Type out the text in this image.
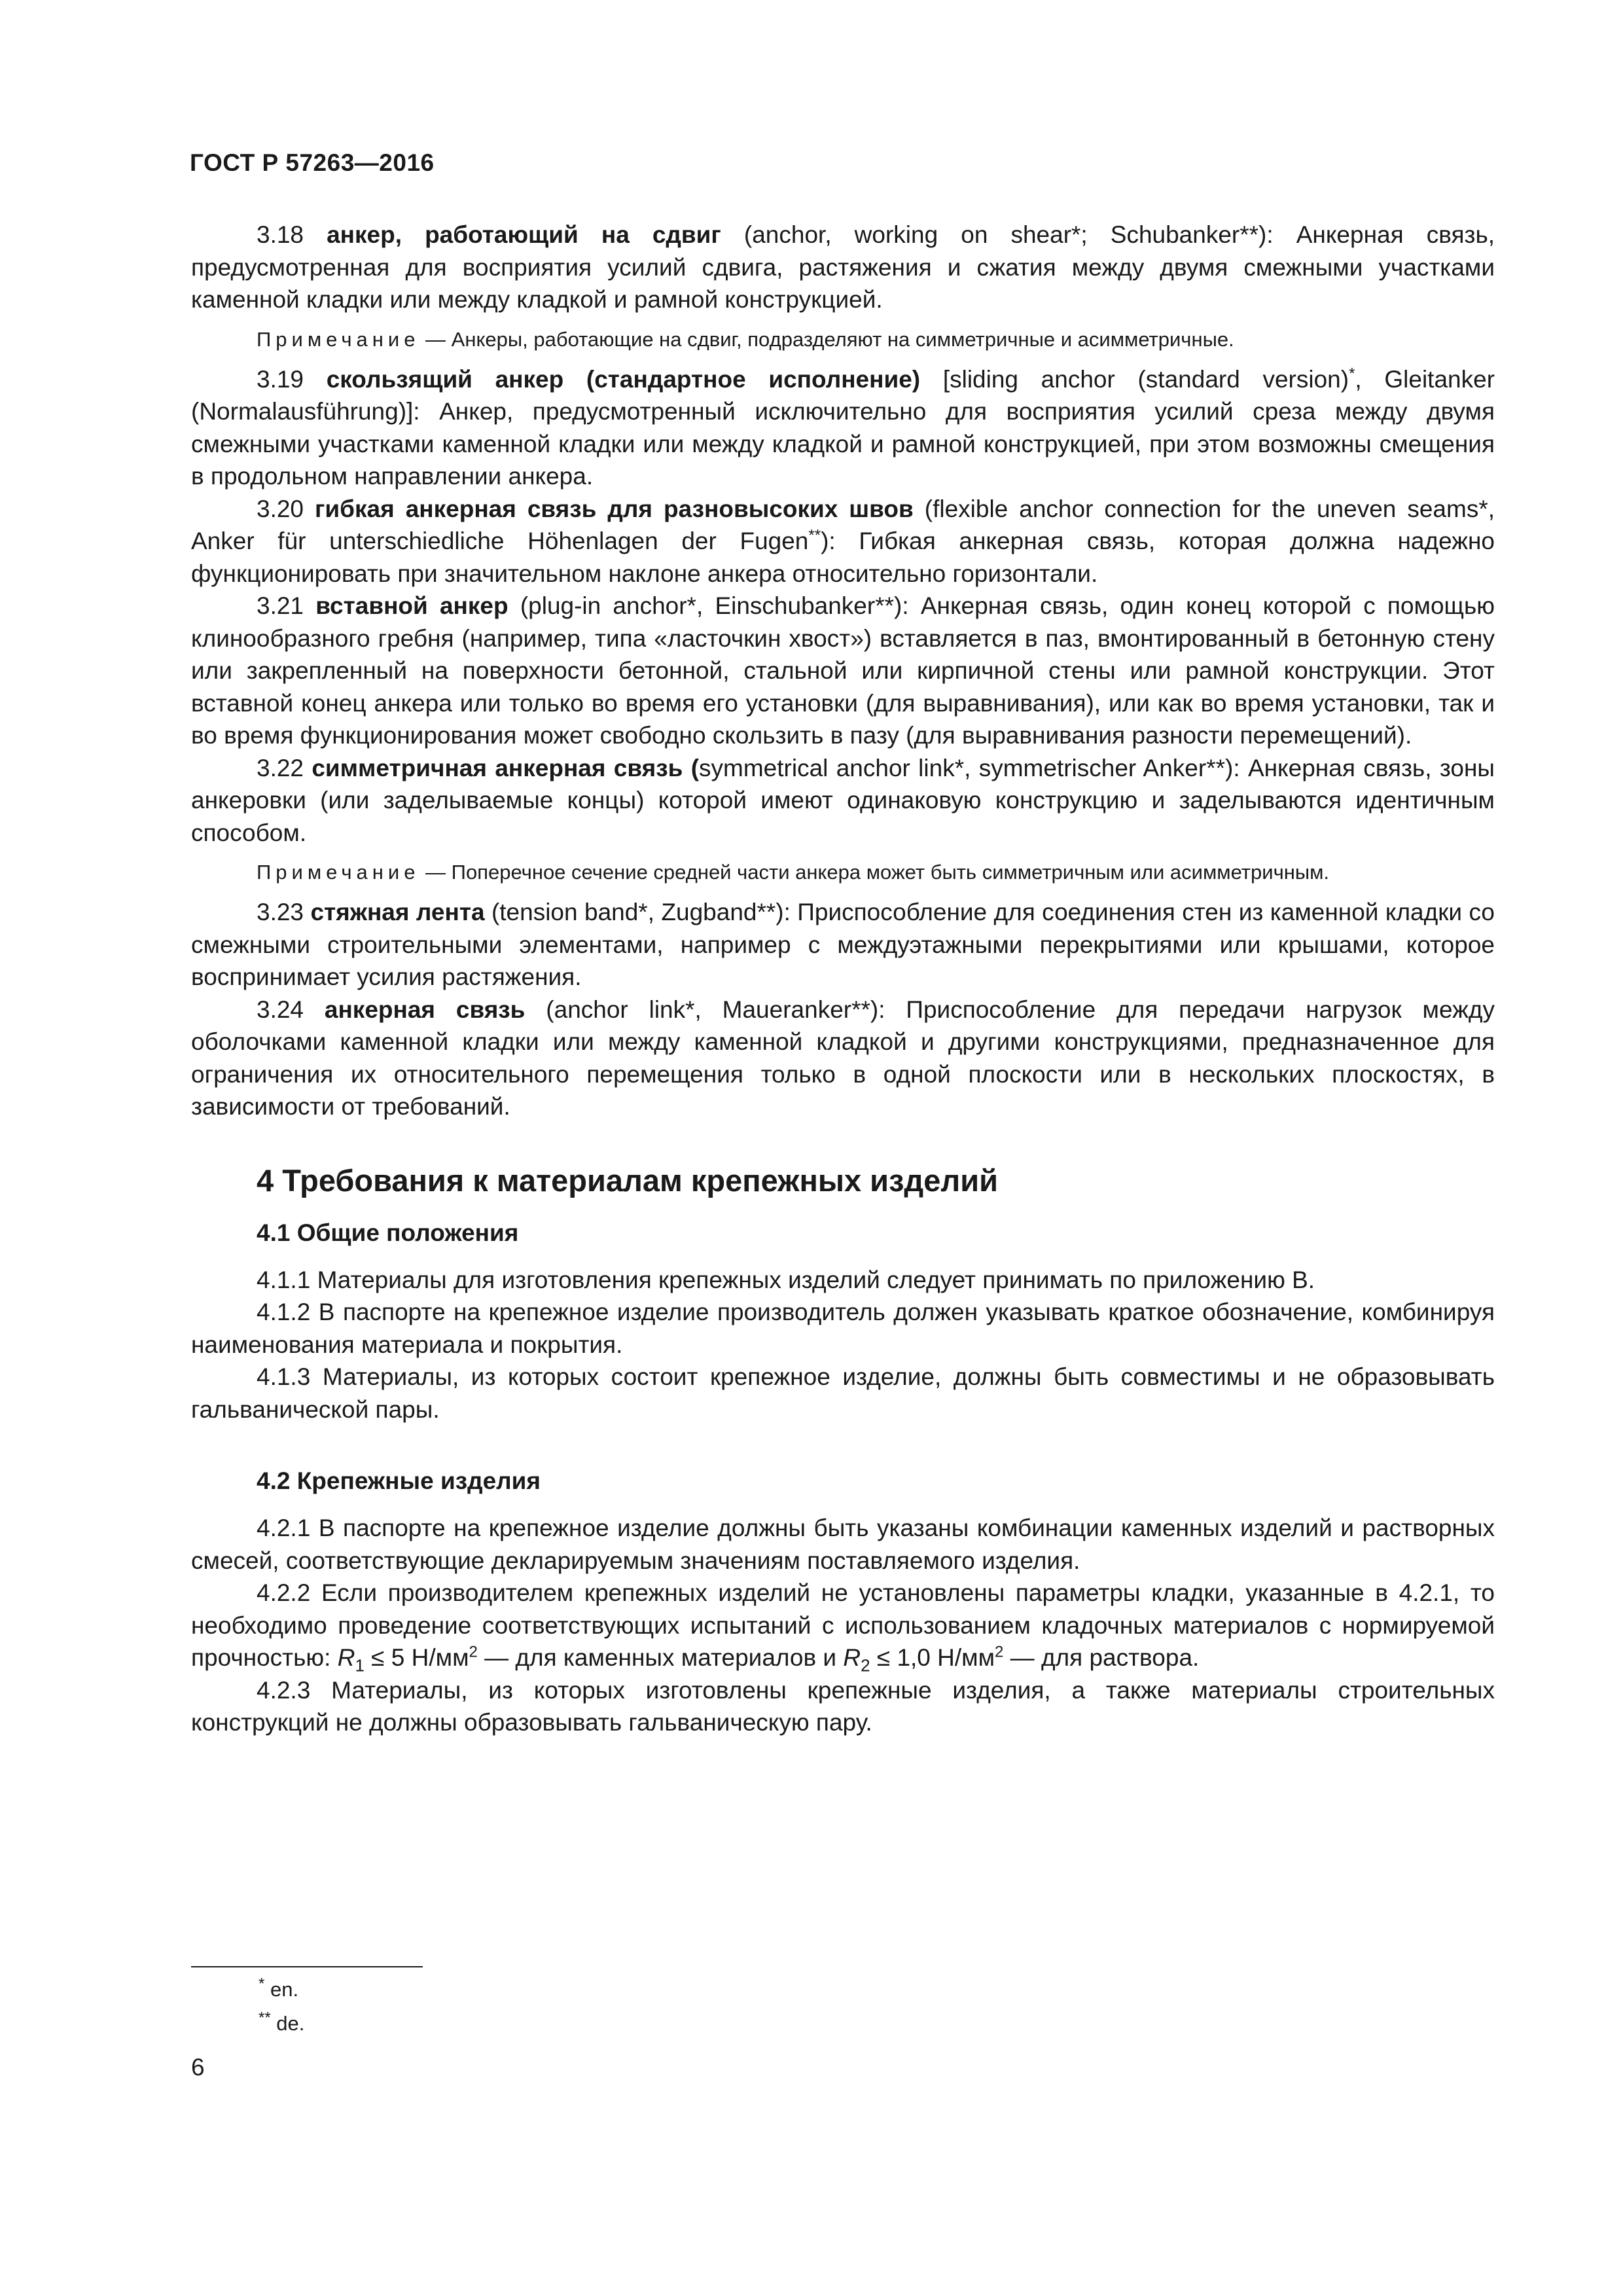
ГОСТ Р 57263—2016

3.18 анкер, работающий на сдвиг (anchor, working on shear*; Schubanker**): Анкерная связь, предусмотренная для восприятия усилий сдвига, растяжения и сжатия между двумя смежными участками каменной кладки или между кладкой и рамной конструкцией.

Примечание — Анкеры, работающие на сдвиг, подразделяют на симметричные и асимметричные.

3.19 скользящий анкер (стандартное исполнение) [sliding anchor (standard version)*, Gleitanker (Normalausführung)]: Анкер, предусмотренный исключительно для восприятия усилий среза между двумя смежными участками каменной кладки или между кладкой и рамной конструкцией, при этом возможны смещения в продольном направлении анкера.

3.20 гибкая анкерная связь для разновысоких швов (flexible anchor connection for the uneven seams*, Anker für unterschiedliche Höhenlagen der Fugen**): Гибкая анкерная связь, которая должна надежно функционировать при значительном наклоне анкера относительно горизонтали.

3.21 вставной анкер (plug-in anchor*, Einschubanker**): Анкерная связь, один конец которой с помощью клинообразного гребня (например, типа «ласточкин хвост») вставляется в паз, вмонтированный в бетонную стену или закрепленный на поверхности бетонной, стальной или кирпичной стены или рамной конструкции. Этот вставной конец анкера или только во время его установки (для выравнивания), или как во время установки, так и во время функционирования может свободно скользить в пазу (для выравнивания разности перемещений).

3.22 симметричная анкерная связь (symmetrical anchor link*, symmetrischer Anker**): Анкерная связь, зоны анкеровки (или заделываемые концы) которой имеют одинаковую конструкцию и заделываются идентичным способом.

Примечание — Поперечное сечение средней части анкера может быть симметричным или асимметричным.

3.23 стяжная лента (tension band*, Zugband**): Приспособление для соединения стен из каменной кладки со смежными строительными элементами, например с междуэтажными перекрытиями или крышами, которое воспринимает усилия растяжения.

3.24 анкерная связь (anchor link*, Maueranker**): Приспособление для передачи нагрузок между оболочками каменной кладки или между каменной кладкой и другими конструкциями, предназначенное для ограничения их относительного перемещения только в одной плоскости или в нескольких плоскостях, в зависимости от требований.

4 Требования к материалам крепежных изделий
4.1 Общие положения

4.1.1 Материалы для изготовления крепежных изделий следует принимать по приложению В.

4.1.2 В паспорте на крепежное изделие производитель должен указывать краткое обозначение, комбинируя наименования материала и покрытия.

4.1.3 Материалы, из которых состоит крепежное изделие, должны быть совместимы и не образовывать гальванической пары.

4.2 Крепежные изделия

4.2.1 В паспорте на крепежное изделие должны быть указаны комбинации каменных изделий и растворных смесей, соответствующие декларируемым значениям поставляемого изделия.

4.2.2 Если производителем крепежных изделий не установлены параметры кладки, указанные в 4.2.1, то необходимо проведение соответствующих испытаний с использованием кладочных материалов с нормируемой прочностью: $R_1 \le 5$ $Н/мм^2$ — для каменных материалов и $R_2 \le 1,0$ $Н/мм^2$ — для раствора.

4.2.3 Материалы, из которых изготовлены крепежные изделия, а также материалы строительных конструкций не должны образовывать гальваническую пару.

* en.
** de.
6
